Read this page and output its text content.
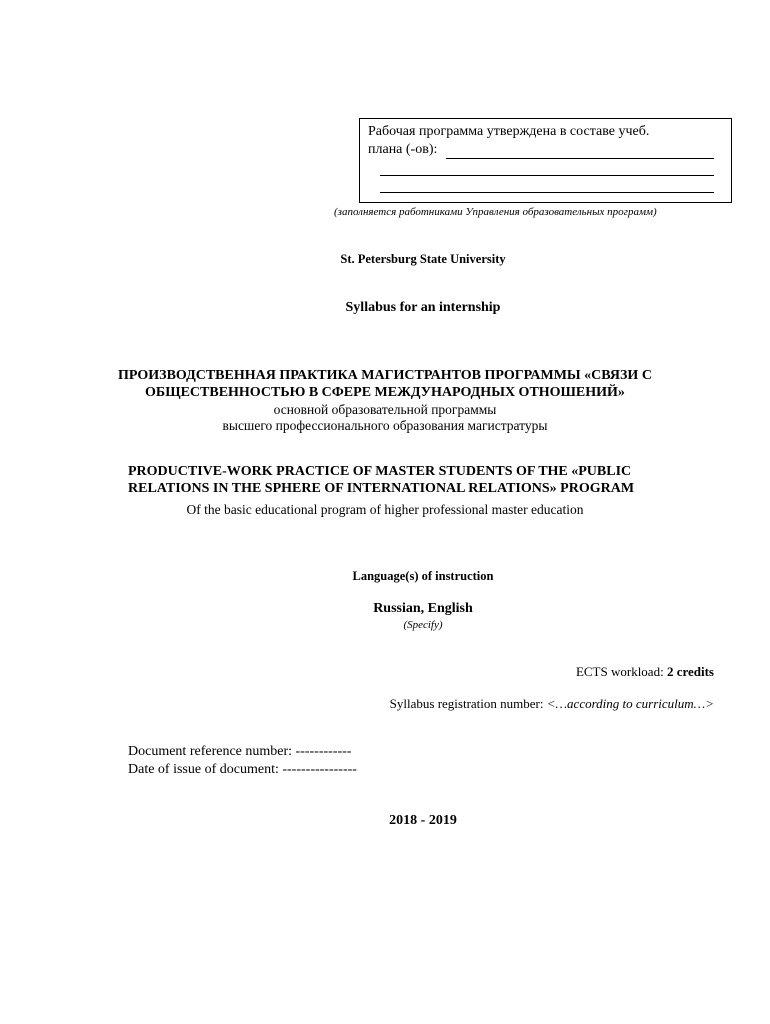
Рабочая программа утверждена в составе учеб.
плана (-ов):
(заполняется работниками Управления образовательных программ)
St. Petersburg State University
Syllabus for an internship
ПРОИЗВОДСТВЕННАЯ ПРАКТИКА МАГИСТРАНТОВ ПРОГРАММЫ «СВЯЗИ С
ОБЩЕСТВЕННОСТЬЮ В СФЕРЕ МЕЖДУНАРОДНЫХ ОТНОШЕНИЙ»
основной образовательной программы
высшего профессионального образования магистратуры
PRODUCTIVE-WORK PRACTICE OF MASTER STUDENTS OF THE «PUBLIC
RELATIONS IN THE SPHERE OF INTERNATIONAL RELATIONS» PROGRAM
Of the basic educational program of higher professional master education
Language(s) of instruction
Russian, English
(Specify)
ECTS workload: 2 credits
Syllabus registration number: <…according to curriculum…>
Document reference number: ------------
Date of issue of document: ----------------
2018 - 2019
